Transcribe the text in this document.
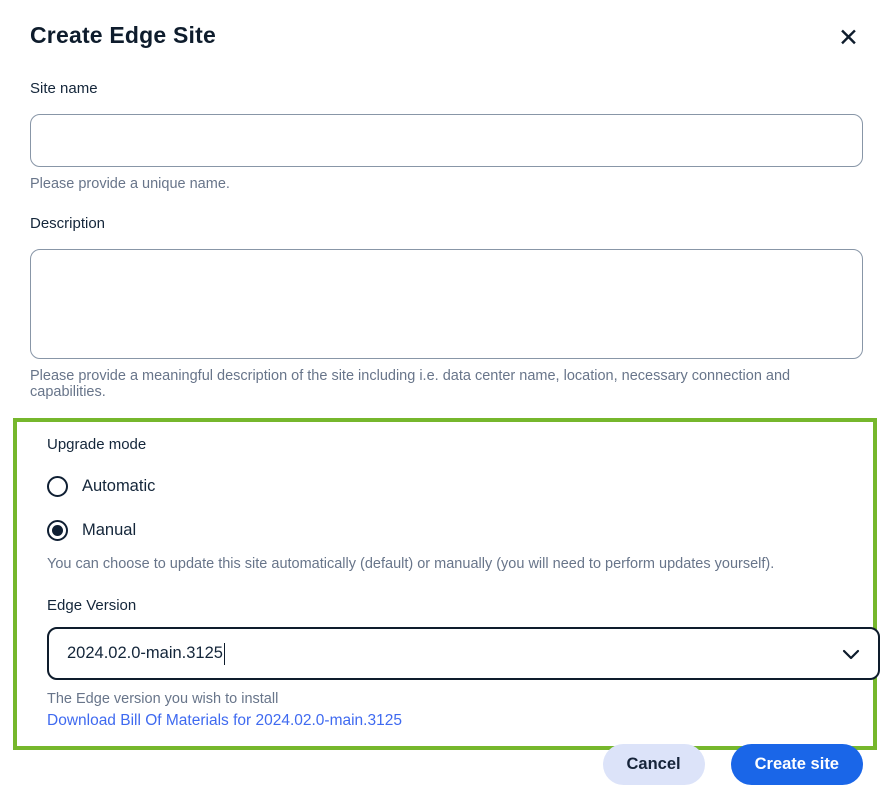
Create Edge Site	✕
Site name
Please provide a unique name.
Description
Please provide a meaningful description of the site including i.e. data center name, location, necessary connection and capabilities.
Upgrade mode
Automatic
Manual
You can choose to update this site automatically (default) or manually (you will need to perform updates yourself).
Edge Version
2024.02.0-main.3125
The Edge version you wish to install
Download Bill Of Materials for 2024.02.0-main.3125
Cancel	Create site
